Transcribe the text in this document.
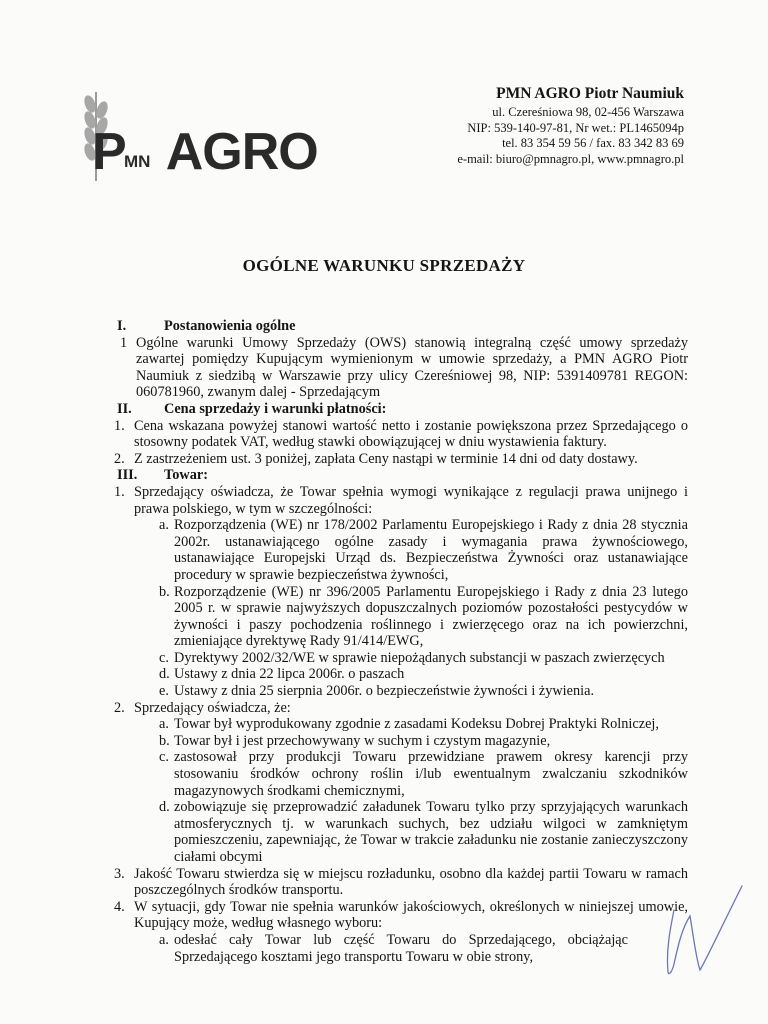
P AGRO
MN
PMN AGRO Piotr Naumiuk
ul. Czereśniowa 98, 02-456 Warszawa
NIP: 539-140-97-81, Nr wet.: PL1465094p
tel. 83 354 59 56 / fax. 83 342 83 69
e-mail: biuro@pmnagro.pl, www.pmnagro.pl
OGÓLNE WARUNKU SPRZEDAŻY
I.	Postanowienia ogólne
1 Ogólne warunki Umowy Sprzedaży (OWS) stanowią integralną część umowy sprzedaży zawartej pomiędzy Kupującym wymienionym w umowie sprzedaży, a PMN AGRO Piotr Naumiuk z siedzibą w Warszawie przy ulicy Czereśniowej 98, NIP: 5391409781 REGON: 060781960, zwanym dalej - Sprzedającym
II. Cena sprzedaży i warunki płatności:
1. Cena wskazana powyżej stanowi wartość netto i zostanie powiększona przez Sprzedającego o stosowny podatek VAT, według stawki obowiązującej w dniu wystawienia faktury.
2. Z zastrzeżeniem ust. 3 poniżej, zapłata Ceny nastąpi w terminie 14 dni od daty dostawy.
III. Towar:
1. Sprzedający oświadcza, że Towar spełnia wymogi wynikające z regulacji prawa unijnego i prawa polskiego, w tym w szczególności:
a. Rozporządzenia (WE) nr 178/2002 Parlamentu Europejskiego i Rady z dnia 28 stycznia 2002r. ustanawiającego ogólne zasady i wymagania prawa żywnościowego, ustanawiające Europejski Urząd ds. Bezpieczeństwa Żywności oraz ustanawiające procedury w sprawie bezpieczeństwa żywności,
b. Rozporządzenie (WE) nr 396/2005 Parlamentu Europejskiego i Rady z dnia 23 lutego 2005 r. w sprawie najwyższych dopuszczalnych poziomów pozostałości pestycydów w żywności i paszy pochodzenia roślinnego i zwierzęcego oraz na ich powierzchni, zmieniające dyrektywę Rady 91/414/EWG,
c. Dyrektywy 2002/32/WE w sprawie niepożądanych substancji w paszach zwierzęcych
d. Ustawy z dnia 22 lipca 2006r. o paszach
e. Ustawy z dnia 25 sierpnia 2006r. o bezpieczeństwie żywności i żywienia.
2. Sprzedający oświadcza, że:
a. Towar był wyprodukowany zgodnie z zasadami Kodeksu Dobrej Praktyki Rolniczej,
b. Towar był i jest przechowywany w suchym i czystym magazynie,
c. zastosował przy produkcji Towaru przewidziane prawem okresy karencji przy stosowaniu środków ochrony roślin i/lub ewentualnym zwalczaniu szkodników magazynowych środkami chemicznymi,
d. zobowiązuje się przeprowadzić załadunek Towaru tylko przy sprzyjających warunkach atmosferycznych tj. w warunkach suchych, bez udziału wilgoci w zamkniętym pomieszczeniu, zapewniając, że Towar w trakcie załadunku nie zostanie zanieczyszczony ciałami obcymi
3. Jakość Towaru stwierdza się w miejscu rozładunku, osobno dla każdej partii Towaru w ramach poszczególnych środków transportu.
4. W sytuacji, gdy Towar nie spełnia warunków jakościowych, określonych w niniejszej umowie, Kupujący może, według własnego wyboru:
a. odesłać cały Towar lub część Towaru do Sprzedającego, obciążając Sprzedającego kosztami jego transportu Towaru w obie strony,
